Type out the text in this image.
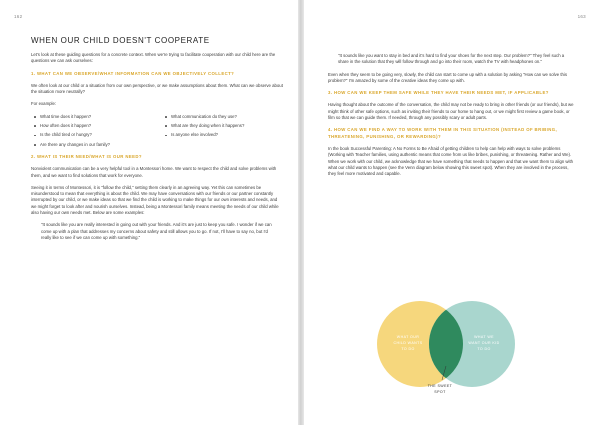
162	163
WHEN OUR CHILD DOESN'T COOPERATE

Let's look at these guiding questions for a concrete context. When we're trying to facilitate cooperation with our child here are the questions we can ask ourselves:

1. WHAT CAN WE OBSERVE/WHAT INFORMATION CAN WE OBJECTIVELY COLLECT?

We often look at our child or a situation from our own perspective, or we make assumptions about them. What can we observe about the situation more neutrally?

For example:

What time does it happen?	What communication do they use?
How often does it happen?	What are they doing when it happens?
Is the child tired or hungry?	Is anyone else involved?
Are there any changes in our family?
2. WHAT IS THEIR NEED/WHAT IS OUR NEED?

Nonviolent communication can be a very helpful tool in a Montessori home. We want to respect the child and solve problems with them, and we want to find solutions that work for everyone.

Seeing it in terms of Montessori, it is "follow the child," setting them clearly in an agreeing way. Yet this can sometimes be misunderstood to mean that everything is about the child. We may have conversations with our friends or our partner constantly interrupted by our child, or we make ideas so that we find the child is working to make things for our own interests and needs, and we might forget to look after and nourish ourselves. Instead, being a Montessori family means meeting the needs of our child while also having our own needs met. Below are some examples:

"It sounds like you are really interested in going out with your friends. And it's are just to keep you safe. I wonder if we can come up with a plan that addresses my concerns about safety and still allows you to go. If not, I'll have to say no, but I'd really like to see if we can come up with something."

"It sounds like you want to stay in bed and it's hard to find your shoes for the next step. Our problem?" They feel such a share in the solution that they will follow through and go into their room, watch the TV with headphones on."

Even when they seem to be going very, slowly, the child can start to come up with a solution by asking "How can we solve this problem?" I'm amazed by some of the creative ideas they come up with.

3. HOW CAN WE KEEP THEM SAFE WHILE THEY HAVE THEIR NEEDS MET, IF APPLICABLE?

Having thought about the outcome of the conversation, the child may not be ready to bring in other friends (or our friends), but we might think of other safe options, such as inviting their friends to our home to hang out, or we might first review a game book, or film so that we can guide them. If needed, through any possibly scary or adult parts.

4. HOW CAN WE FIND A WAY TO WORK WITH THEM IN THIS SITUATION (INSTEAD OF BRIBING, THREATENING, PUNISHING, OR REWARDING)?

In the book Successful Parenting: A No Forms to Be Afraid of getting children to help can help with ways to solve problems (Working with Teacher families, using authentic means that come from us like bribes, punishing, or threatening. Rather and We). When we work with our child, we acknowledge that we have something that needs to happen and that we want them to align with what our child wants to happen (see the Venn diagram below showing this sweet spot). When they are involved in the process, they feel more motivated and capable.

WHAT OUR
CHILD WANTS
TO DO
WHAT WE
WANT OUR KID
TO DO
THE SWEET
SPOT
